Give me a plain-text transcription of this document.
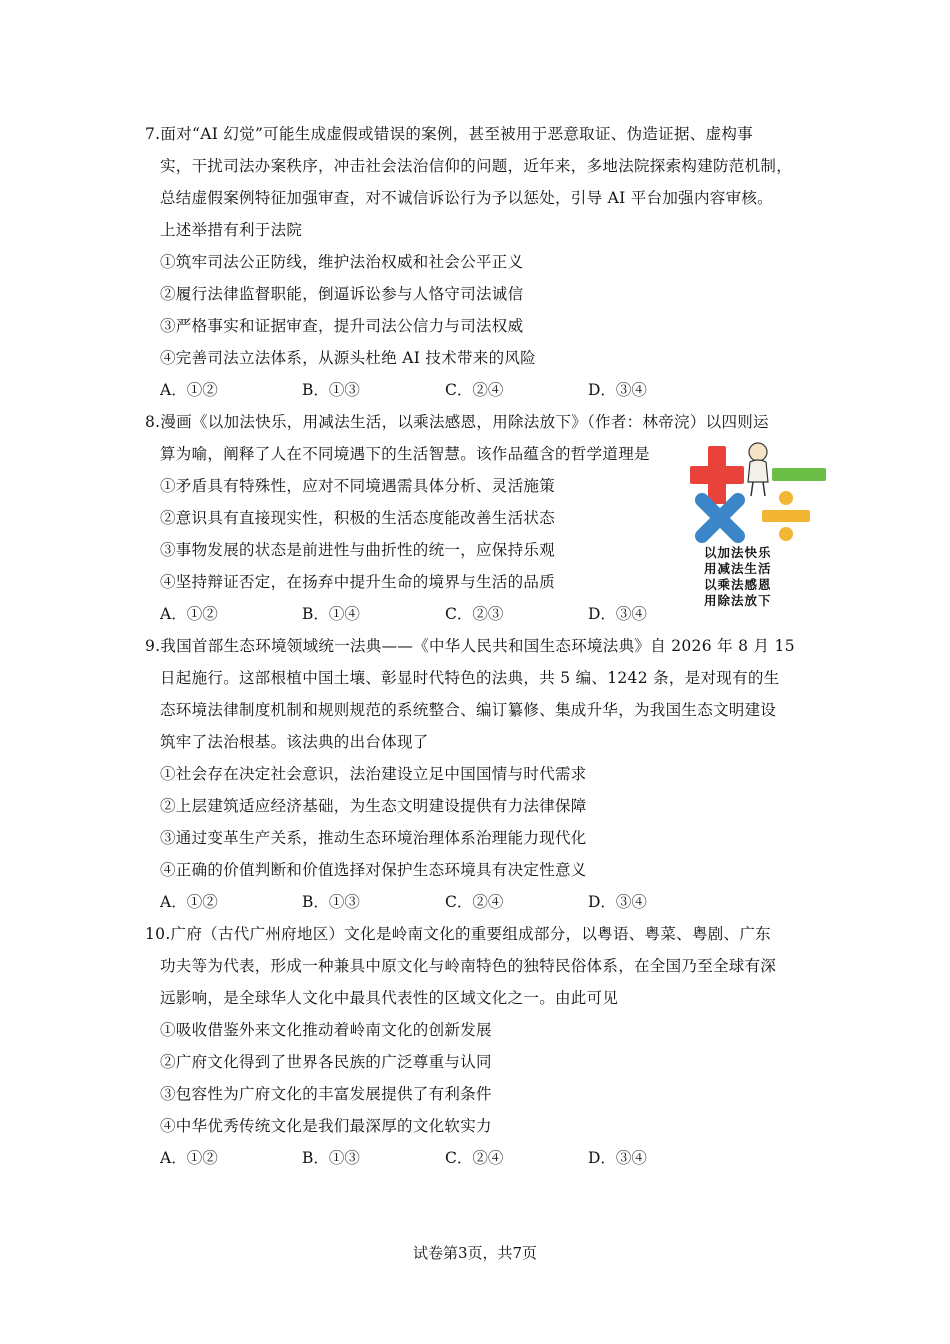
7.面对“AI 幻觉”可能生成虚假或错误的案例，甚至被用于恶意取证、伪造证据、虚构事
实，干扰司法办案秩序，冲击社会法治信仰的问题，近年来，多地法院探索构建防范机制，
总结虚假案例特征加强审查，对不诚信诉讼行为予以惩处，引导 AI 平台加强内容审核。
上述举措有利于法院
①筑牢司法公正防线，维护法治权威和社会公平正义
②履行法律监督职能，倒逼诉讼参与人恪守司法诚信
③严格事实和证据审查，提升司法公信力与司法权威
④完善司法立法体系，从源头杜绝 AI 技术带来的风险
A．①②	B．①③	C．②④	D．③④
8.漫画《以加法快乐，用减法生活，以乘法感恩，用除法放下》（作者：林帝浣）以四则运
算为喻，阐释了人在不同境遇下的生活智慧。该作品蕴含的哲学道理是
①矛盾具有特殊性，应对不同境遇需具体分析、灵活施策
②意识具有直接现实性，积极的生活态度能改善生活状态
③事物发展的状态是前进性与曲折性的统一，应保持乐观
④坚持辩证否定，在扬弃中提升生命的境界与生活的品质
A．①②	B．①④	C．②③	D．③④
以加法快乐
用减法生活
以乘法感恩
用除法放下
9.我国首部生态环境领域统一法典——《中华人民共和国生态环境法典》自 2026 年 8 月 15
日起施行。这部根植中国土壤、彰显时代特色的法典，共 5 编、1242 条，是对现有的生
态环境法律制度机制和规则规范的系统整合、编订纂修、集成升华，为我国生态文明建设
筑牢了法治根基。该法典的出台体现了
①社会存在决定社会意识，法治建设立足中国国情与时代需求
②上层建筑适应经济基础，为生态文明建设提供有力法律保障
③通过变革生产关系，推动生态环境治理体系治理能力现代化
④正确的价值判断和价值选择对保护生态环境具有决定性意义
A．①②	B．①③	C．②④	D．③④
10.广府（古代广州府地区）文化是岭南文化的重要组成部分，以粤语、粤菜、粤剧、广东
功夫等为代表，形成一种兼具中原文化与岭南特色的独特民俗体系，在全国乃至全球有深
远影响，是全球华人文化中最具代表性的区域文化之一。由此可见
①吸收借鉴外来文化推动着岭南文化的创新发展
②广府文化得到了世界各民族的广泛尊重与认同
③包容性为广府文化的丰富发展提供了有利条件
④中华优秀传统文化是我们最深厚的文化软实力
A．①②	B．①③	C．②④	D．③④
试卷第3页，共7页
